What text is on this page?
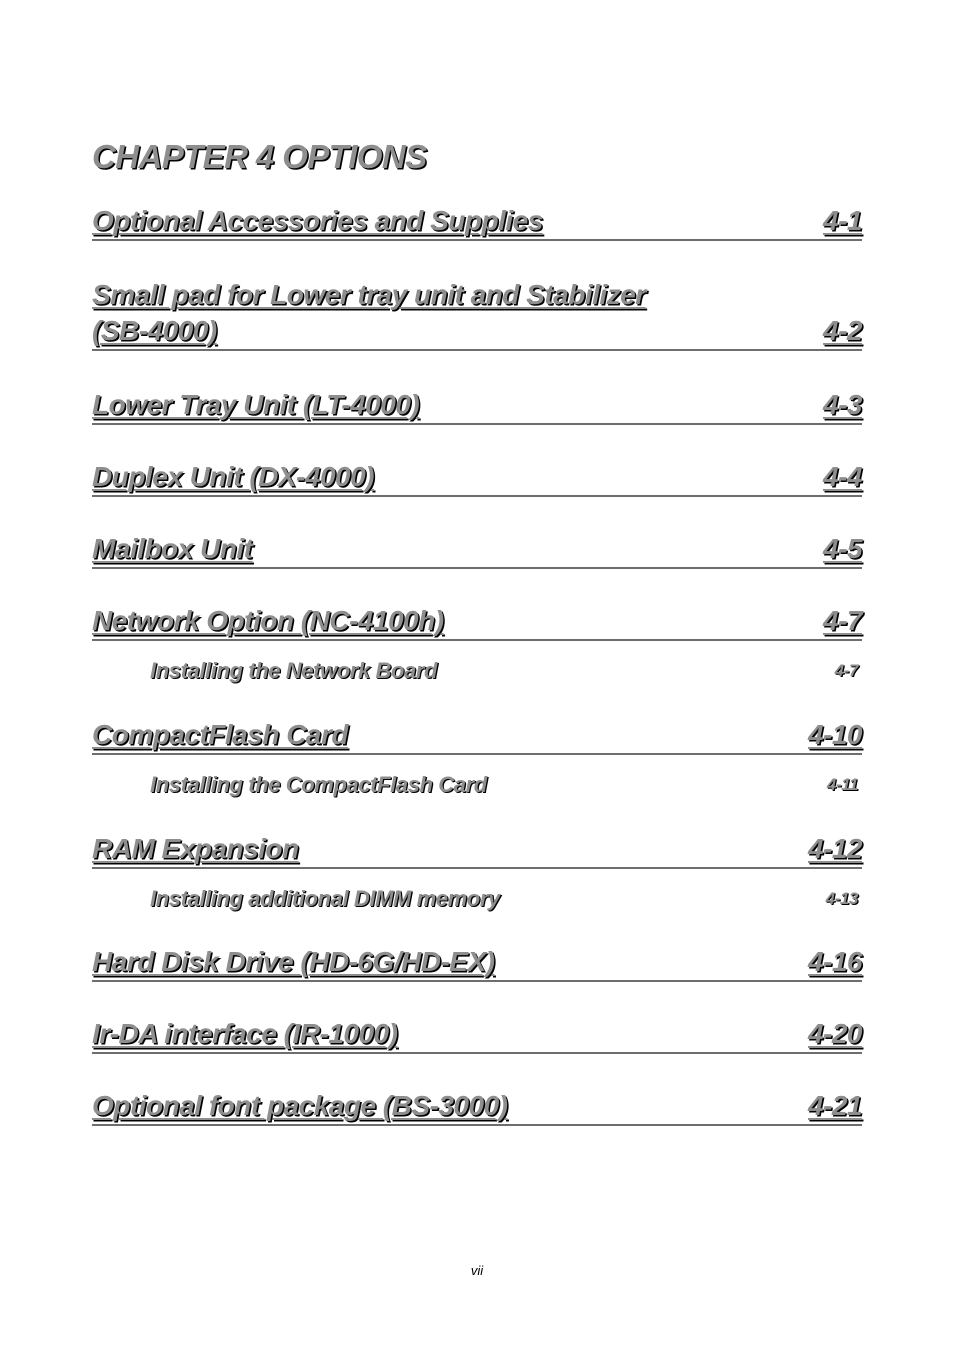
CHAPTER 4 OPTIONS
Optional Accessories and Supplies	4-1
Small pad for Lower tray unit and Stabilizer
(SB-4000)	4-2
Lower Tray Unit (LT-4000)	4-3
Duplex Unit (DX-4000)	4-4
Mailbox Unit	4-5
Network Option (NC-4100h)	4-7
Installing the Network Board	4-7
CompactFlash Card	4-10
Installing the CompactFlash Card	4-11
RAM Expansion	4-12
Installing additional DIMM memory	4-13
Hard Disk Drive (HD-6G/HD-EX)	4-16
Ir-DA interface (IR-1000)	4-20
Optional font package (BS-3000)	4-21
vii
